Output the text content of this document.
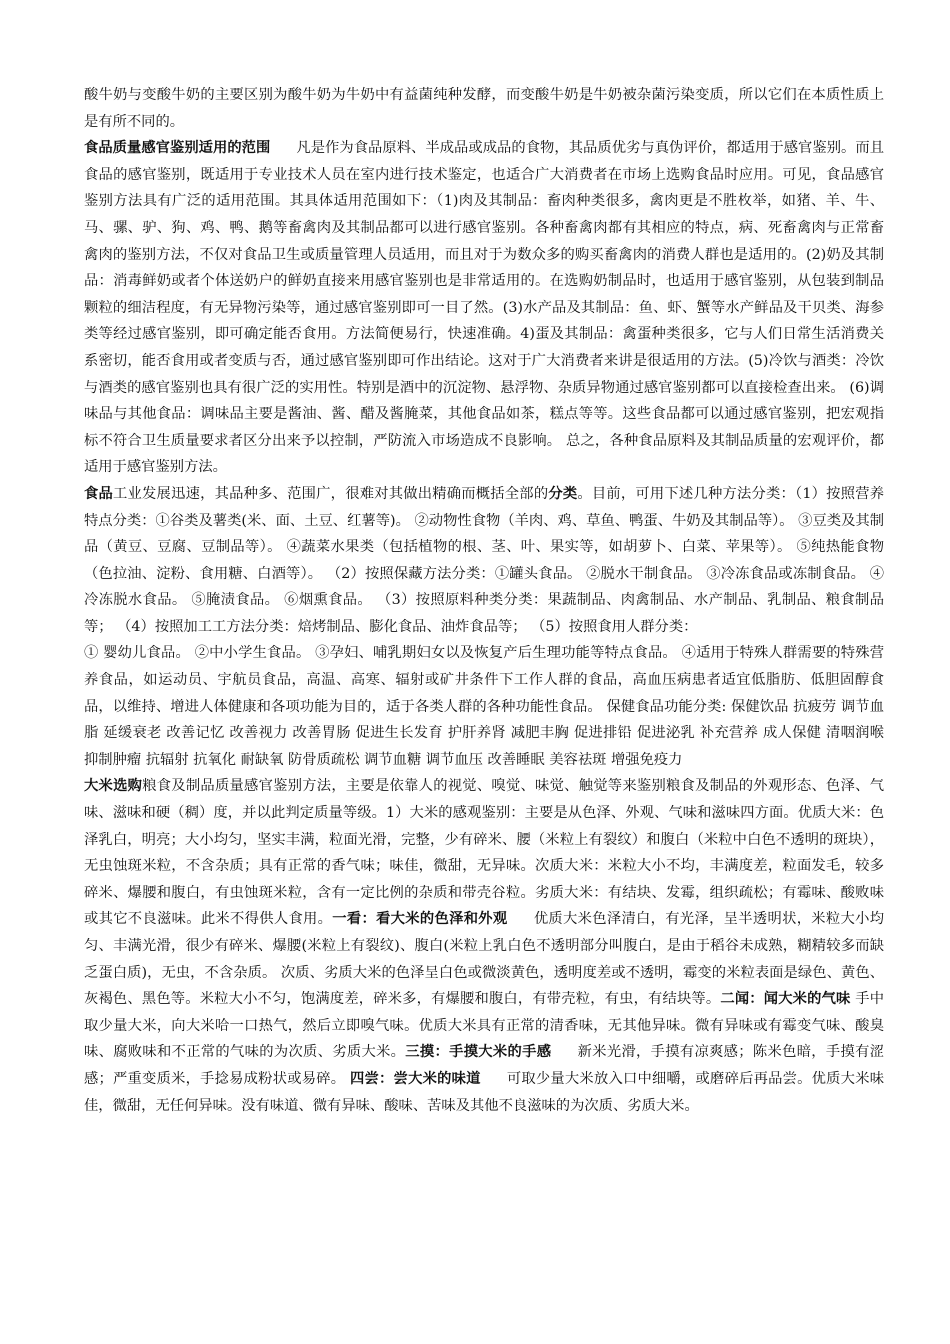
酸牛奶与变酸牛奶的主要区别为酸牛奶为牛奶中有益菌纯种发酵，而变酸牛奶是牛奶被杂菌污染变质，所以它们在本质性质上是有所不同的。

食品质量感官鉴别适用的范围 凡是作为食品原料、半成品或成品的食物，其品质优劣与真伪评价，都适用于感官鉴别。而且食品的感官鉴别，既适用于专业技术人员在室内进行技术鉴定，也适合广大消费者在市场上选购食品时应用。可见，食品感官鉴别方法具有广泛的适用范围。其具体适用范围如下：（1)肉及其制品：畜肉种类很多，禽肉更是不胜枚举，如猪、羊、牛、马、骡、驴、狗、鸡、鸭、鹅等畜禽肉及其制品都可以进行感官鉴别。各种畜禽肉都有其相应的特点，病、死畜禽肉与正常畜禽肉的鉴别方法，不仅对食品卫生或质量管理人员适用，而且对于为数众多的购买畜禽肉的消费人群也是适用的。(2)奶及其制品：消毒鲜奶或者个体送奶户的鲜奶直接来用感官鉴别也是非常适用的。在选购奶制品时，也适用于感官鉴别，从包装到制品颗粒的细洁程度，有无异物污染等，通过感官鉴别即可一目了然。(3)水产品及其制品：鱼、虾、蟹等水产鲜品及干贝类、海参类等经过感官鉴别，即可确定能否食用。方法简便易行，快速准确。4)蛋及其制品：禽蛋种类很多，它与人们日常生活消费关系密切，能否食用或者变质与否，通过感官鉴别即可作出结论。这对于广大消费者来讲是很适用的方法。(5)冷饮与酒类：冷饮与酒类的感官鉴别也具有很广泛的实用性。特别是酒中的沉淀物、悬浮物、杂质异物通过感官鉴别都可以直接检查出来。 (6)调味品与其他食品：调味品主要是酱油、酱、醋及酱腌菜，其他食品如茶，糕点等等。这些食品都可以通过感官鉴别，把宏观指标不符合卫生质量要求者区分出来予以控制，严防流入市场造成不良影响。 总之，各种食品原料及其制品质量的宏观评价，都适用于感官鉴别方法。

食品工业发展迅速，其品种多、范围广，很难对其做出精确而概括全部的分类。目前，可用下述几种方法分类：（1）按照营养特点分类：①谷类及薯类(米、面、土豆、红薯等)。 ②动物性食物（羊肉、鸡、草鱼、鸭蛋、牛奶及其制品等）。 ③豆类及其制品（黄豆、豆腐、豆制品等）。 ④蔬菜水果类（包括植物的根、茎、叶、果实等，如胡萝卜、白菜、苹果等）。 ⑤纯热能食物（色拉油、淀粉、食用糖、白酒等）。 （2）按照保藏方法分类：①罐头食品。 ②脱水干制食品。 ③冷冻食品或冻制食品。 ④冷冻脱水食品。 ⑤腌渍食品。 ⑥烟熏食品。 （3）按照原料种类分类：果蔬制品、肉禽制品、水产制品、乳制品、粮食制品等； （4）按照加工工方法分类：焙烤制品、膨化食品、油炸食品等； （5）按照食用人群分类：

① 婴幼儿食品。 ②中小学生食品。 ③孕妇、哺乳期妇女以及恢复产后生理功能等特点食品。 ④适用于特殊人群需要的特殊营养食品，如运动员、宇航员食品，高温、高寒、辐射或矿井条件下工作人群的食品，高血压病患者适宜低脂肪、低胆固醇食品，以维持、增进人体健康和各项功能为目的，适于各类人群的各种功能性食品。 保健食品功能分类: 保健饮品 抗疲劳 调节血脂 延缓衰老 改善记忆 改善视力 改善胃肠 促进生长发育 护肝养肾 减肥丰胸 促进排铅 促进泌乳 补充营养 成人保健 清咽润喉 抑制肿瘤 抗辐射 抗氧化 耐缺氧 防骨质疏松 调节血糖 调节血压 改善睡眠 美容祛斑 增强免疫力

大米选购粮食及制品质量感官鉴别方法，主要是依靠人的视觉、嗅觉、味觉、触觉等来鉴别粮食及制品的外观形态、色泽、气味、滋味和硬（稠）度，并以此判定质量等级。1）大米的感观鉴别：主要是从色泽、外观、气味和滋味四方面。优质大米：色泽乳白，明亮；大小均匀，坚实丰满，粒面光滑，完整，少有碎米、腰（米粒上有裂纹）和腹白（米粒中白色不透明的斑块），无虫蚀斑米粒，不含杂质；具有正常的香气味；味佳，微甜，无异味。次质大米：米粒大小不均，丰满度差，粒面发毛，较多碎米、爆腰和腹白，有虫蚀斑米粒，含有一定比例的杂质和带壳谷粒。劣质大米：有结块、发霉，组织疏松；有霉味、酸败味或其它不良滋味。此米不得供人食用。一看：看大米的色泽和外观 优质大米色泽清白，有光泽，呈半透明状，米粒大小均匀、丰满光滑，很少有碎米、爆腰(米粒上有裂纹)、腹白(米粒上乳白色不透明部分叫腹白，是由于稻谷未成熟，糊精较多而缺乏蛋白质)，无虫，不含杂质。 次质、劣质大米的色泽呈白色或微淡黄色，透明度差或不透明，霉变的米粒表面是绿色、黄色、灰褐色、黑色等。米粒大小不匀，饱满度差，碎米多，有爆腰和腹白，有带壳粒，有虫，有结块等。二闻：闻大米的气味 手中取少量大米，向大米哈一口热气，然后立即嗅气味。优质大米具有正常的清香味，无其他异味。微有异味或有霉变气味、酸臭味、腐败味和不正常的气味的为次质、劣质大米。三摸：手摸大米的手感 新米光滑，手摸有凉爽感；陈米色暗，手摸有涩感；严重变质米，手捻易成粉状或易碎。 四尝：尝大米的味道 可取少量大米放入口中细嚼，或磨碎后再品尝。优质大米味佳，微甜，无任何异味。没有味道、微有异味、酸味、苦味及其他不良滋味的为次质、劣质大米。
